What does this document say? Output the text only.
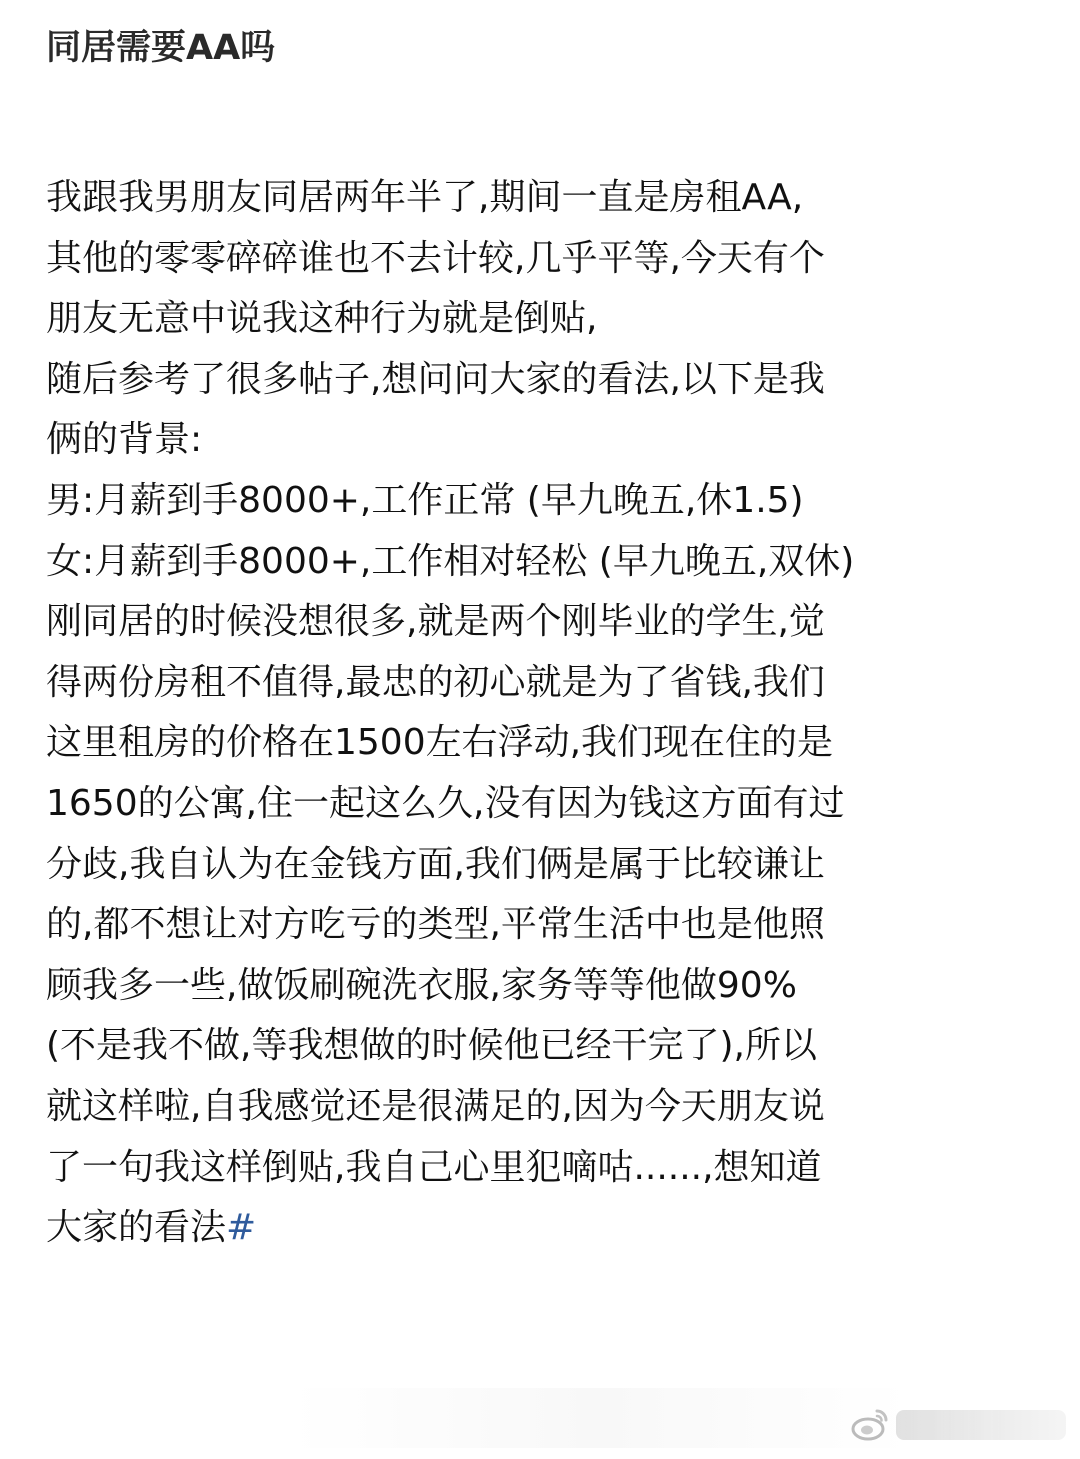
同居需要AA吗
我跟我男朋友同居两年半了,期间一直是房租AA,
其他的零零碎碎谁也不去计较,几乎平等,今天有个
朋友无意中说我这种行为就是倒贴,
随后参考了很多帖子,想问问大家的看法,以下是我
俩的背景:
男:月薪到手8000+,工作正常 (早九晚五,休1.5)
女:月薪到手8000+,工作相对轻松 (早九晚五,双休)
刚同居的时候没想很多,就是两个刚毕业的学生,觉
得两份房租不值得,最忠的初心就是为了省钱,我们
这里租房的价格在1500左右浮动,我们现在住的是
1650的公寓,住一起这么久,没有因为钱这方面有过
分歧,我自认为在金钱方面,我们俩是属于比较谦让
的,都不想让对方吃亏的类型,平常生活中也是他照
顾我多一些,做饭刷碗洗衣服,家务等等他做90%
(不是我不做,等我想做的时候他已经干完了),所以
就这样啦,自我感觉还是很满足的,因为今天朋友说
了一句我这样倒贴,我自己心里犯嘀咕......,想知道
大家的看法#
